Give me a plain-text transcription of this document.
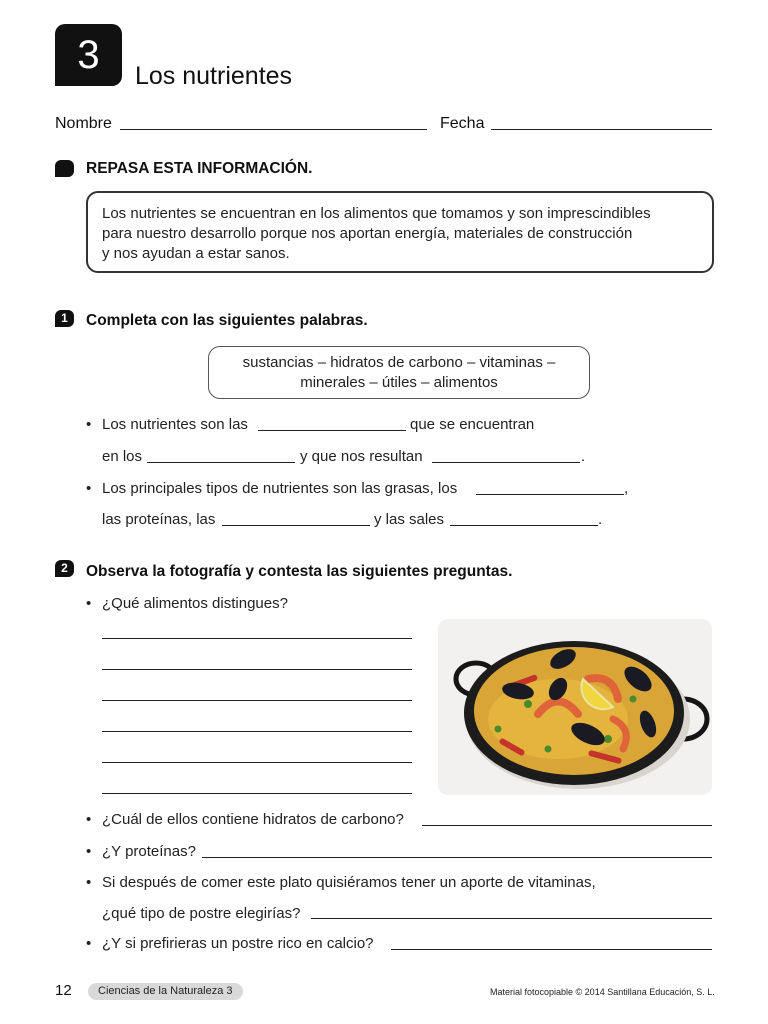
3	Los nutrientes
Nombre	Fecha
REPASA ESTA INFORMACIÓN.
Los nutrientes se encuentran en los alimentos que tomamos y son imprescindibles
para nuestro desarrollo porque nos aportan energía, materiales de construcción
y nos ayudan a estar sanos.
1	Completa con las siguientes palabras.
sustancias – hidratos de carbono – vitaminas –
minerales – útiles – alimentos
• Los nutrientes son las	que se encuentran
en los	y que nos resultan	.
• Los principales tipos de nutrientes son las grasas, los	,
las proteínas, las	y las sales	.
2	Observa la fotografía y contesta las siguientes preguntas.
• ¿Qué alimentos distingues?
• ¿Cuál de ellos contiene hidratos de carbono?
• ¿Y proteínas?
• Si después de comer este plato quisiéramos tener un aporte de vitaminas,
¿qué tipo de postre elegirías?
• ¿Y si prefirieras un postre rico en calcio?
12	Ciencias de la Naturaleza 3	Material fotocopiable © 2014 Santillana Educación, S. L.
